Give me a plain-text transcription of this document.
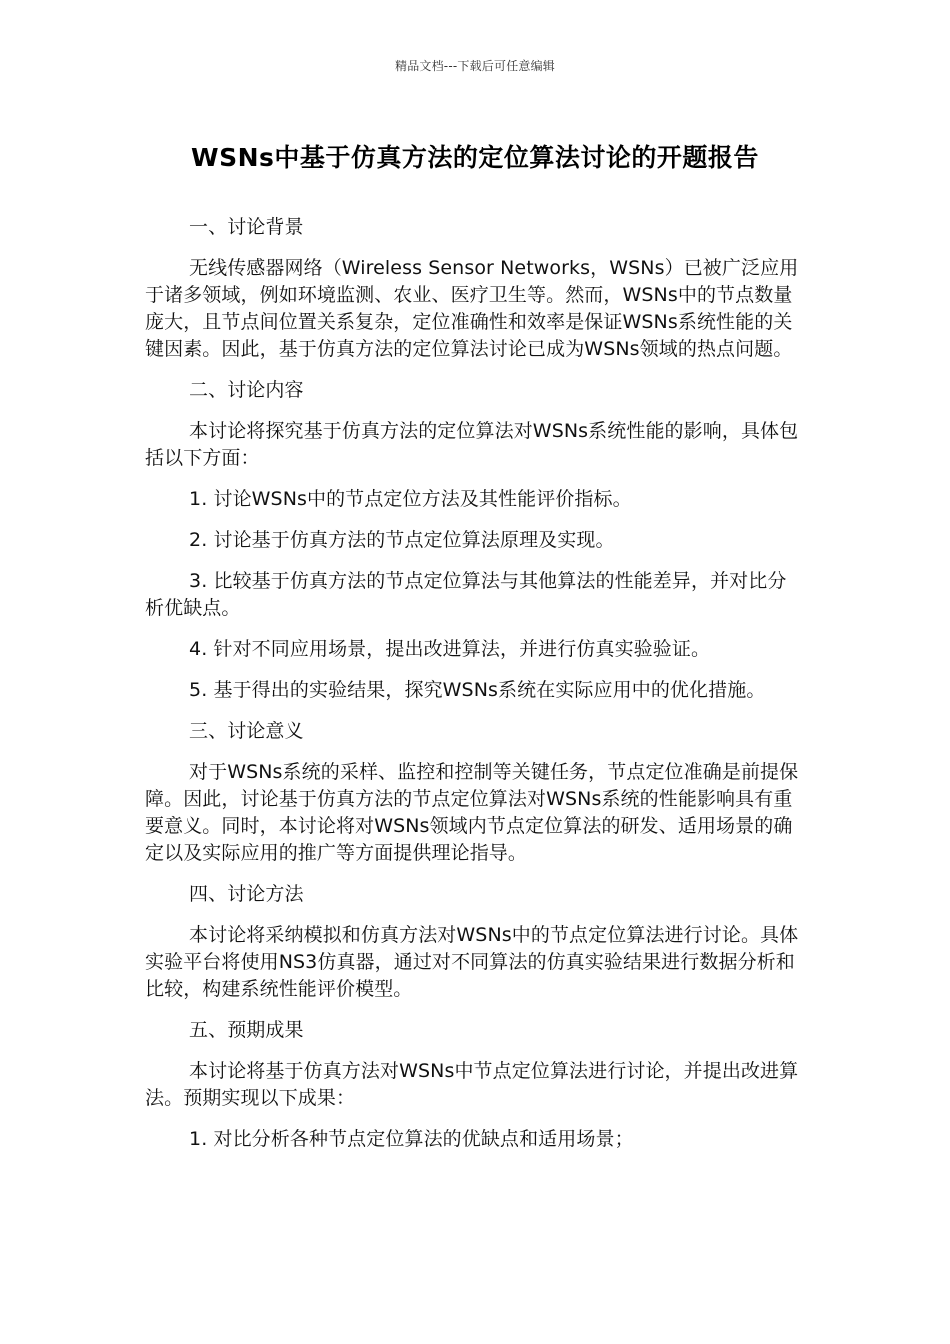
精品文档---下载后可任意编辑
WSNs中基于仿真方法的定位算法讨论的开题报告
一、讨论背景
无线传感器网络（Wireless Sensor Networks，WSNs）已被广泛应用于诸多领域，例如环境监测、农业、医疗卫生等。然而，WSNs中的节点数量庞大，且节点间位置关系复杂，定位准确性和效率是保证WSNs系统性能的关键因素。因此，基于仿真方法的定位算法讨论已成为WSNs领域的热点问题。
二、讨论内容
本讨论将探究基于仿真方法的定位算法对WSNs系统性能的影响，具体包括以下方面：
1. 讨论WSNs中的节点定位方法及其性能评价指标。
2. 讨论基于仿真方法的节点定位算法原理及实现。
3. 比较基于仿真方法的节点定位算法与其他算法的性能差异，并对比分析优缺点。
4. 针对不同应用场景，提出改进算法，并进行仿真实验验证。
5. 基于得出的实验结果，探究WSNs系统在实际应用中的优化措施。
三、讨论意义
对于WSNs系统的采样、监控和控制等关键任务，节点定位准确是前提保障。因此，讨论基于仿真方法的节点定位算法对WSNs系统的性能影响具有重要意义。同时，本讨论将对WSNs领域内节点定位算法的研发、适用场景的确定以及实际应用的推广等方面提供理论指导。
四、讨论方法
本讨论将采纳模拟和仿真方法对WSNs中的节点定位算法进行讨论。具体实验平台将使用NS3仿真器，通过对不同算法的仿真实验结果进行数据分析和比较，构建系统性能评价模型。
五、预期成果
本讨论将基于仿真方法对WSNs中节点定位算法进行讨论，并提出改进算法。预期实现以下成果：
1. 对比分析各种节点定位算法的优缺点和适用场景；
